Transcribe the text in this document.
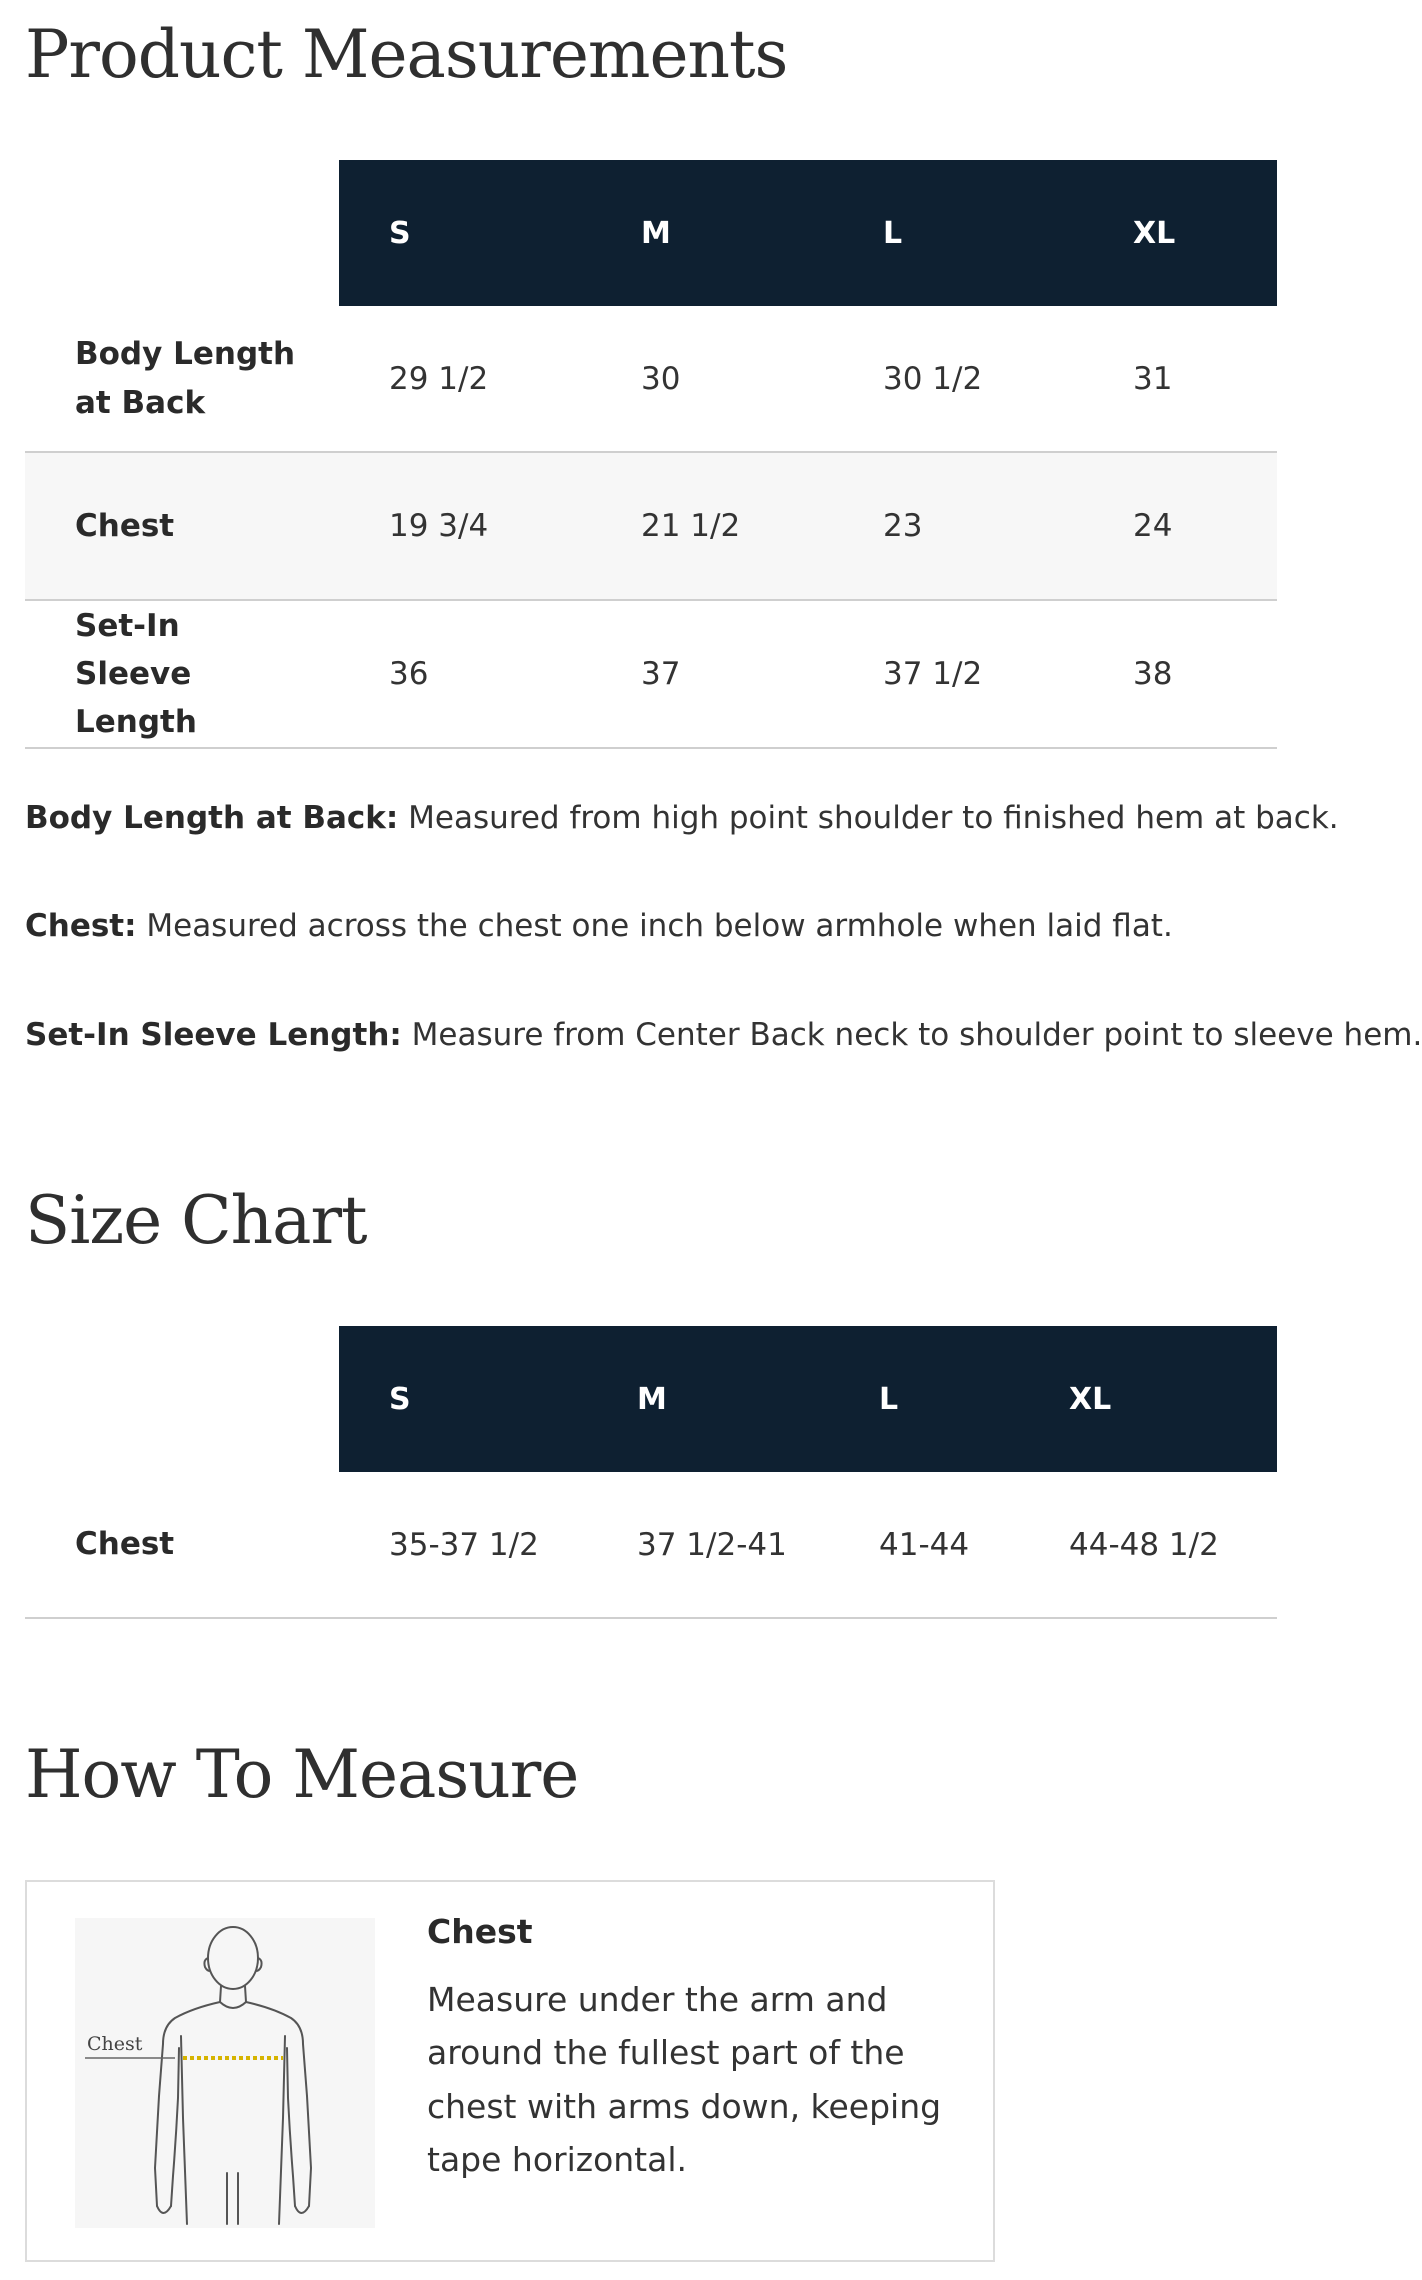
Product Measurements
	S	M	L	XL
Body Length at Back	29 1/2	30	30 1/2	31
Chest	19 3/4	21 1/2	23	24
Set-In Sleeve Length	36	37	37 1/2	38

Body Length at Back: Measured from high point shoulder to finished hem at back.

Chest: Measured across the chest one inch below armhole when laid flat.

Set-In Sleeve Length: Measure from Center Back neck to shoulder point to sleeve hem.

Size Chart
	S	M	L	XL
Chest	35-37 1/2	37 1/2-41	41-44	44-48 1/2
How To Measure
Chest

Chest

Measure under the arm and around the fullest part of the chest with arms down, keeping tape horizontal.
